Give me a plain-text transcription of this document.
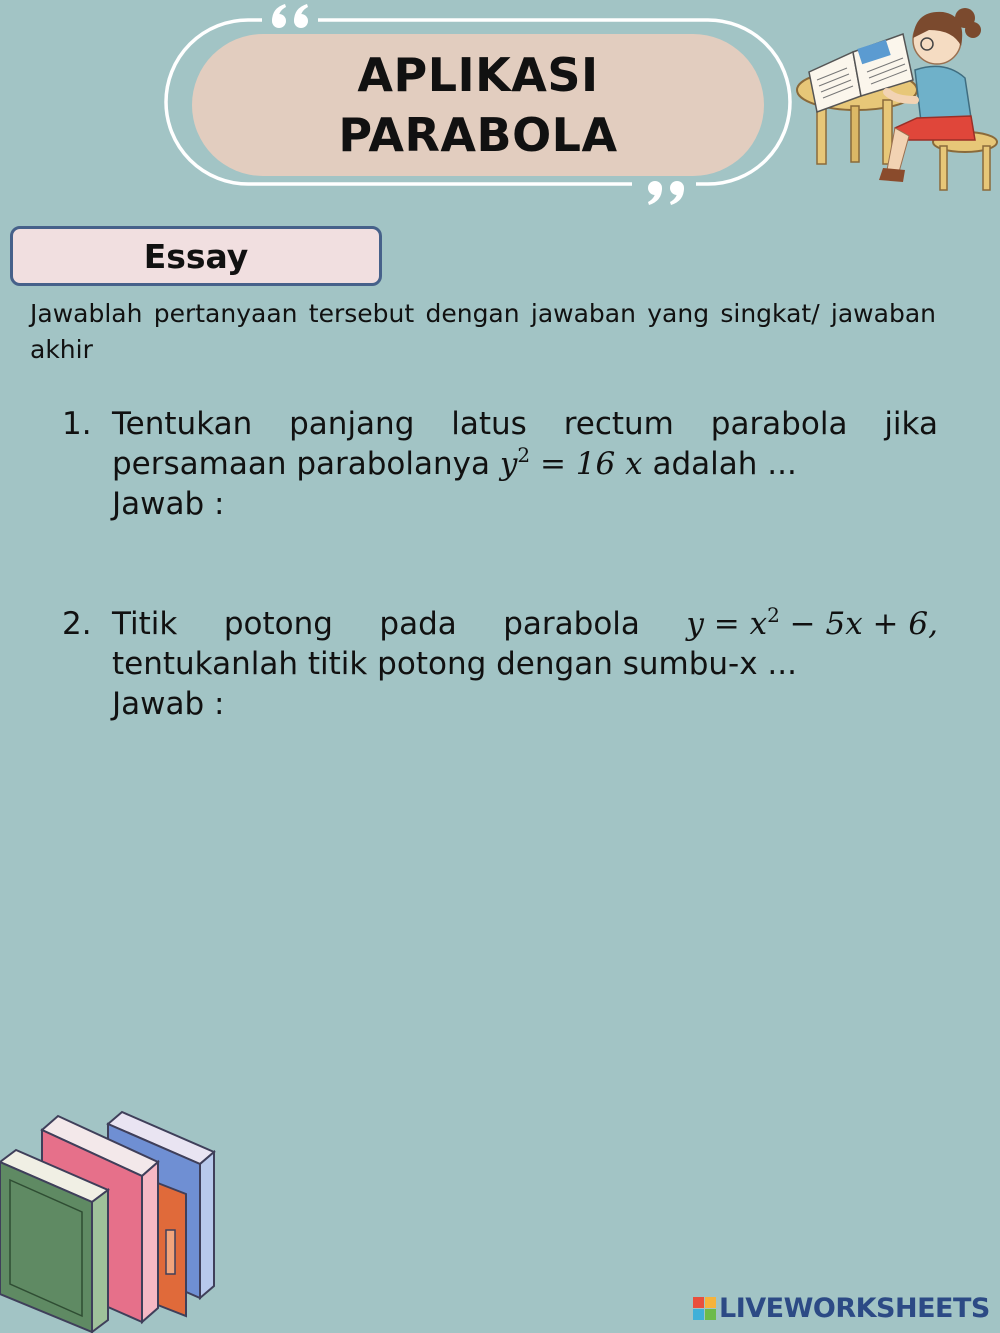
APLIKASI
PARABOLA
Essay
Jawablah pertanyaan tersebut dengan jawaban yang singkat/ jawaban akhir
1. Tentukan panjang latus rectum parabola jika
persamaan parabolanya $y^2 = 16$ x adalah ...
Jawab :
2. Titik potong pada parabola $y = x^2 - 5x + 6$,
tentukanlah titik potong dengan sumbu-x ...
Jawab :
LIVEWORKSHEETS
